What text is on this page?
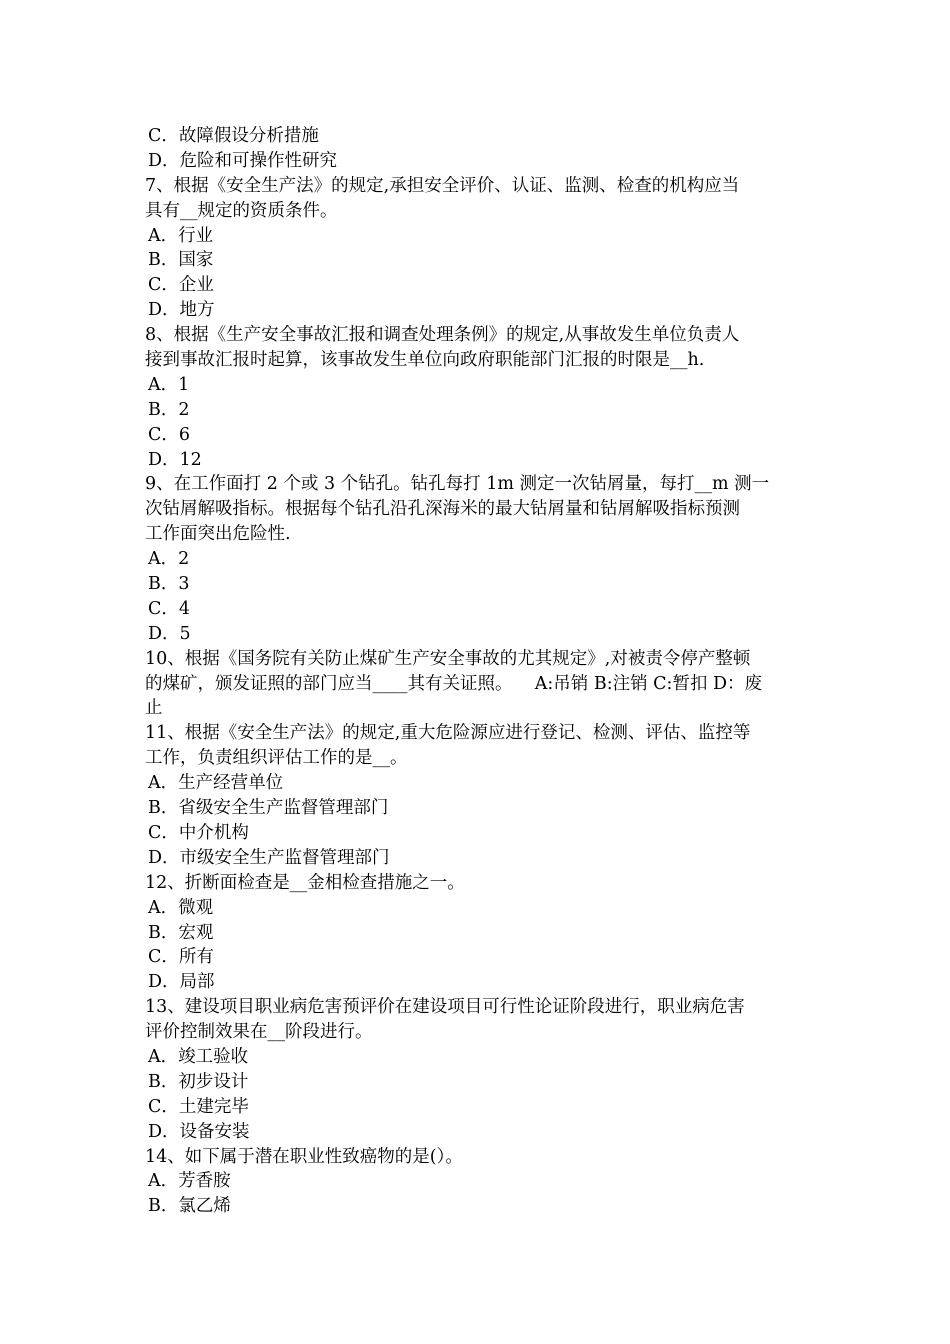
C．故障假设分析措施
D．危险和可操作性研究
7、根据《安全生产法》的规定,承担安全评价、认证、监测、检查的机构应当
具有__规定的资质条件。
A．行业
B．国家
C．企业
D．地方
8、根据《生产安全事故汇报和调查处理条例》的规定,从事故发生单位负责人
接到事故汇报时起算，该事故发生单位向政府职能部门汇报的时限是__h.
A．1
B．2
C．6
D．12
9、在工作面打 2 个或 3 个钻孔。钻孔每打 1m 测定一次钻屑量，每打__m 测一
次钻屑解吸指标。根据每个钻孔沿孔深海米的最大钻屑量和钻屑解吸指标预测
工作面突出危险性.
A．2
B．3
C．4
D．5
10、根据《国务院有关防止煤矿生产安全事故的尤其规定》,对被责令停产整顿
的煤矿，颁发证照的部门应当____其有关证照。    A:吊销 B:注销 C:暂扣 D：废
止
11、根据《安全生产法》的规定,重大危险源应进行登记、检测、评估、监控等
工作，负责组织评估工作的是__。
A．生产经营单位
B．省级安全生产监督管理部门
C．中介机构
D．市级安全生产监督管理部门
12、折断面检查是__金相检查措施之一。
A．微观
B．宏观
C．所有
D．局部
13、建设项目职业病危害预评价在建设项目可行性论证阶段进行，职业病危害
评价控制效果在__阶段进行。
A．竣工验收
B．初步设计
C．土建完毕
D．设备安装
14、如下属于潜在职业性致癌物的是(）。
A．芳香胺
B．氯乙烯
